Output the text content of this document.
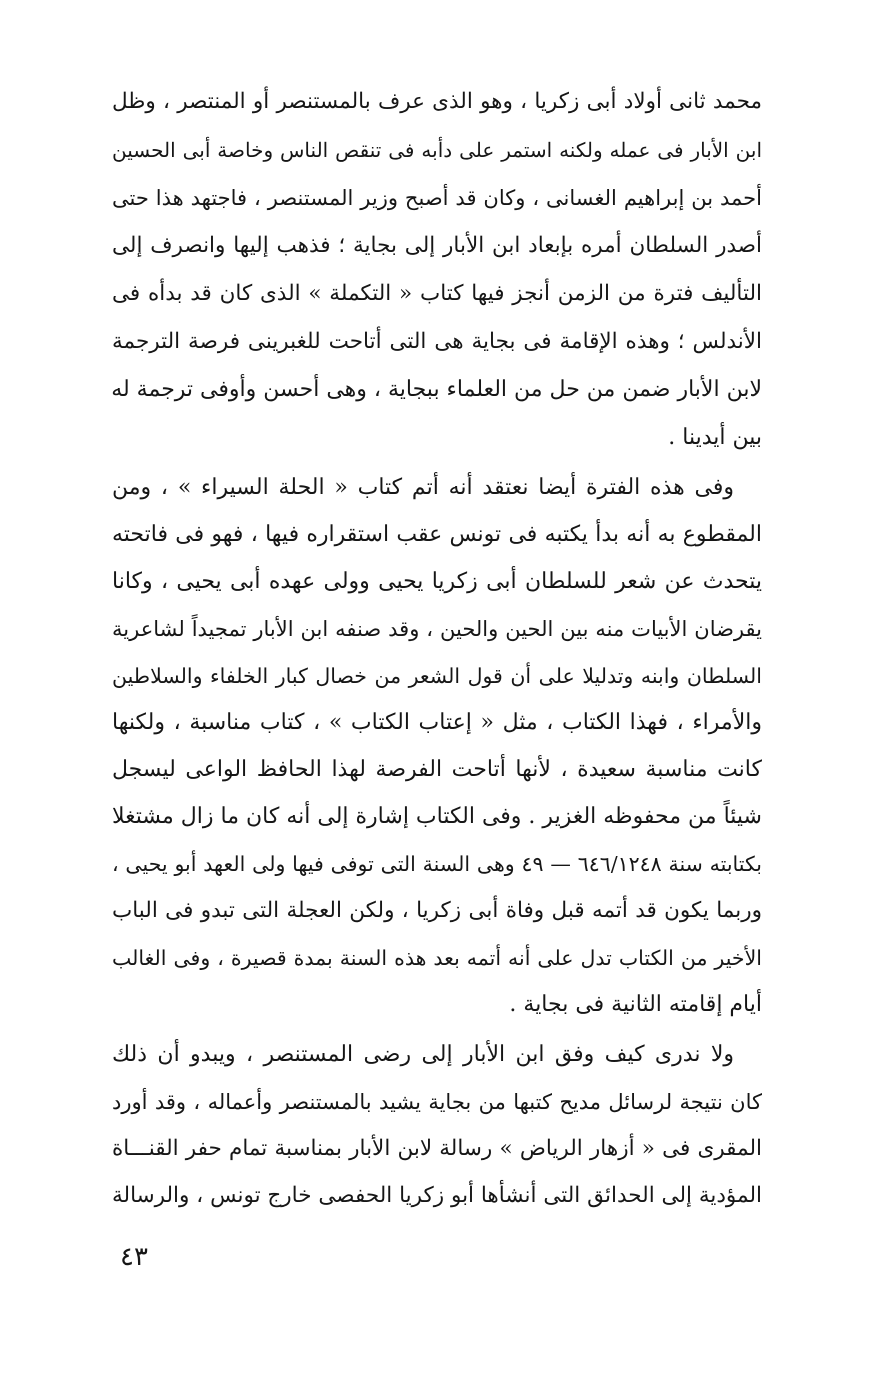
محمد ثانى أولاد أبى زكريا ، وهو الذى عرف بالمستنصر أو المنتصر ، وظل
ابن الأبار فى عمله ولكنه استمر على دأبه فى تنقص الناس وخاصة أبى الحسين
أحمد بن إبراهيم الغسانى ، وكان قد أصبح وزير المستنصر ، فاجتهد هذا حتى
أصدر السلطان أمره بإبعاد ابن الأبار إلى بجاية ؛ فذهب إليها وانصرف إلى
التأليف فترة من الزمن أنجز فيها كتاب « التكملة » الذى كان قد بدأه فى
الأندلس ؛ وهذه الإقامة فى بجاية هى التى أتاحت للغبرينى فرصة الترجمة
لابن الأبار ضمن من حل من العلماء ببجاية ، وهى أحسن وأوفى ترجمة له
بين أيدينا .
وفى هذه الفترة أيضا نعتقد أنه أتم كتاب « الحلة السيراء » ، ومن
المقطوع به أنه بدأ يكتبه فى تونس عقب استقراره فيها ، فهو فى فاتحته
يتحدث عن شعر للسلطان أبى زكريا يحيى وولى عهده أبى يحيى ، وكانا
يقرضان الأبيات منه بين الحين والحين ، وقد صنفه ابن الأبار تمجيداً لشاعرية
السلطان وابنه وتدليلا على أن قول الشعر من خصال كبار الخلفاء والسلاطين
والأمراء ، فهذا الكتاب ، مثل « إعتاب الكتاب » ، كتاب مناسبة ، ولكنها
كانت مناسبة سعيدة ، لأنها أتاحت الفرصة لهذا الحافظ الواعى ليسجل
شيئاً من محفوظه الغزير . وفى الكتاب إشارة إلى أنه كان ما زال مشتغلا
بكتابته سنة ٦٤٦/١٢٤٨ — ٤٩ وهى السنة التى توفى فيها ولى العهد أبو يحيى ،
وربما يكون قد أتمه قبل وفاة أبى زكريا ، ولكن العجلة التى تبدو فى الباب
الأخير من الكتاب تدل على أنه أتمه بعد هذه السنة بمدة قصيرة ، وفى الغالب
أيام إقامته الثانية فى بجاية .
ولا ندرى كيف وفق ابن الأبار إلى رضى المستنصر ، ويبدو أن ذلك
كان نتيجة لرسائل مديح كتبها من بجاية يشيد بالمستنصر وأعماله ، وقد أورد
المقرى فى « أزهار الرياض » رسالة لابن الأبار بمناسبة تمام حفر القنـــاة
المؤدية إلى الحدائق التى أنشأها أبو زكريا الحفصى خارج تونس ، والرسالة
٤٣
